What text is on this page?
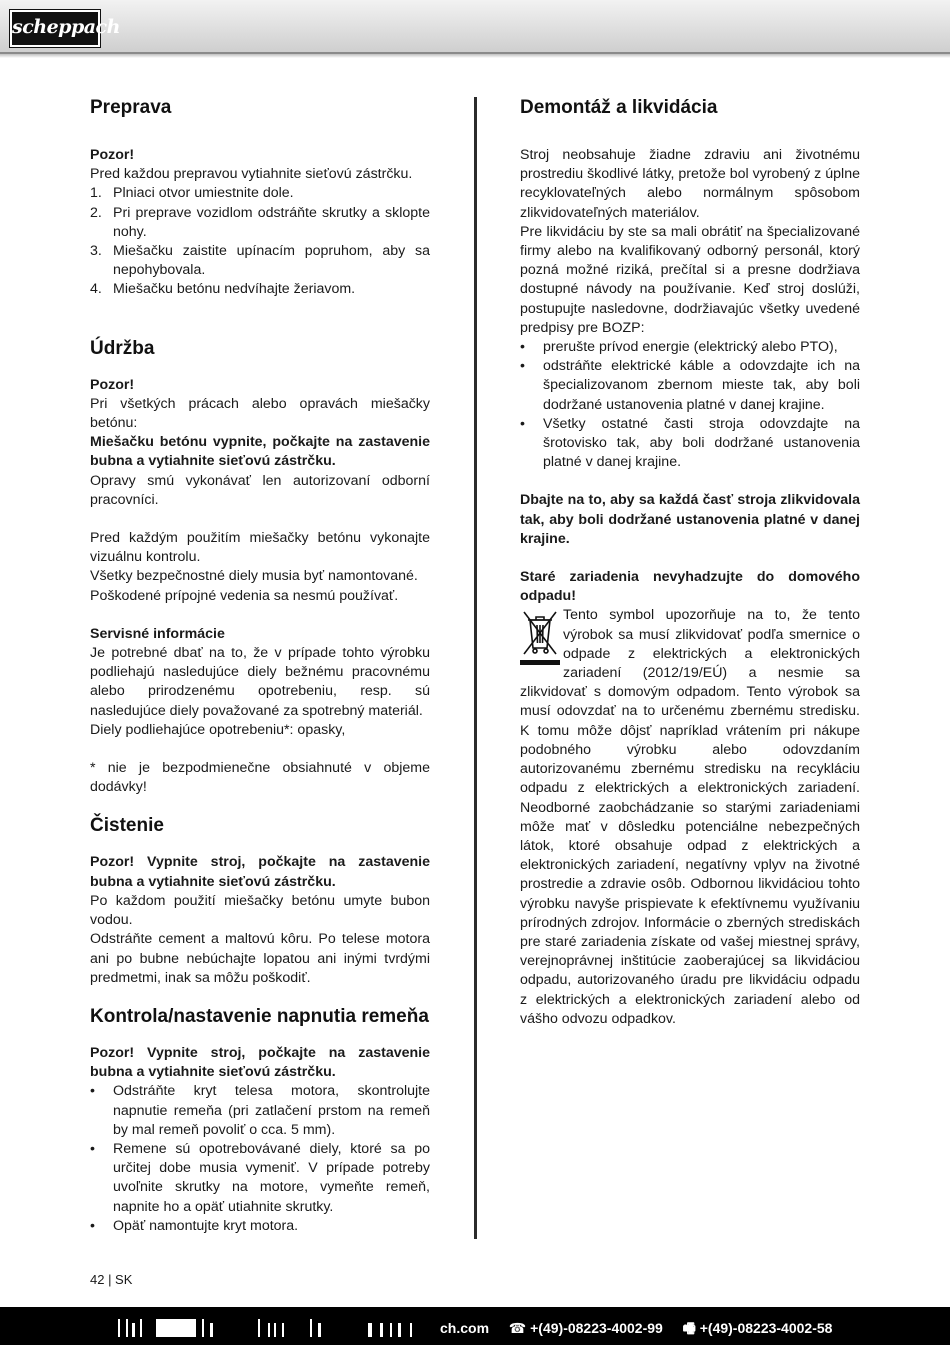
scheppach
Preprava

Pozor!

Pred každou prepravou vytiahnite sieťovú zástrčku.

1. Plniaci otvor umiestnite dole.
2. Pri preprave vozidlom odstráňte skrutky a sklopte nohy.
3. Miešačku zaistite upínacím popruhom, aby sa nepohybovala.
4. Miešačku betónu nedvíhajte žeriavom.
Údržba

Pozor!

Pri všetkých prácach alebo opravách miešačky betónu:

Miešačku betónu vypnite, počkajte na zastavenie bubna a vytiahnite sieťovú zástrčku.

Opravy smú vykonávať len autorizovaní odborní pracovníci.

Pred každým použitím miešačky betónu vykonajte vizuálnu kontrolu.

Všetky bezpečnostné diely musia byť namontované.

Poškodené prípojné vedenia sa nesmú používať.

Servisné informácie

Je potrebné dbať na to, že v prípade tohto výrobku podliehajú nasledujúce diely bežnému pracovnému alebo prirodzenému opotrebeniu, resp. sú nasledujúce diely považované za spotrebný materiál.

Diely podliehajúce opotrebeniu*: opasky,

* nie je bezpodmienečne obsiahnuté v objeme dodávky!

Čistenie

Pozor! Vypnite stroj, počkajte na zastavenie bubna a vytiahnite sieťovú zástrčku.

Po každom použití miešačky betónu umyte bubon vodou.

Odstráňte cement a maltovú kôru. Po telese motora ani po bubne nebúchajte lopatou ani inými tvrdými predmetmi, inak sa môžu poškodiť.

Kontrola/nastavenie napnutia remeňa

Pozor! Vypnite stroj, počkajte na zastavenie bubna a vytiahnite sieťovú zástrčku.

•	Odstráňte kryt telesa motora, skontrolujte napnutie remeňa (pri zatlačení prstom na remeň by mal remeň povoliť o cca. 5 mm).
•	Remene sú opotrebovávané diely, ktoré sa po určitej dobe musia vymeniť. V prípade potreby uvoľnite skrutky na motore, vymeňte remeň, napnite ho a opäť utiahnite skrutky.
•	Opäť namontujte kryt motora.
Demontáž a likvidácia

Stroj neobsahuje žiadne zdraviu ani životnému prostrediu škodlivé látky, pretože bol vyrobený z úplne recyklovateľných alebo normálnym spôsobom zlikvidovateľných materiálov.

Pre likvidáciu by ste sa mali obrátiť na špecializované firmy alebo na kvalifikovaný odborný personál, ktorý pozná možné riziká, prečítal si a presne dodržiava dostupné návody na používanie. Keď stroj doslúži, postupujte nasledovne, dodržiavajúc všetky uvedené predpisy pre BOZP:

•	prerušte prívod energie (elektrický alebo PTO),
•	odstráňte elektrické káble a odovzdajte ich na špecializovanom zbernom mieste tak, aby boli dodržané ustanovenia platné v danej krajine.
•	Všetky ostatné časti stroja odovzdajte na šrotovisko tak, aby boli dodržané ustanovenia platné v danej krajine.

Dbajte na to, aby sa každá časť stroja zlikvidovala tak, aby boli dodržané ustanovenia platné v danej krajine.

Staré zariadenia nevyhadzujte do domového odpadu!

Tento symbol upozorňuje na to, že tento výrobok sa musí zlikvidovať podľa smernice o odpade z elektrických a elektronických zariadení (2012/19/EÚ) a nesmie sa zlikvidovať s domovým odpadom. Tento výrobok sa musí odovzdať na to určenému zbernému stredisku. K tomu môže dôjsť napríklad vrátením pri nákupe podobného výrobku alebo odovzdaním autorizovanému zbernému stredisku na recykláciu odpadu z elektrických a elektronických zariadení. Neodborné zaobchádzanie so starými zariadeniami môže mať v dôsledku potenciálne nebezpečných látok, ktoré obsahuje odpad z elektrických a elektronických zariadení, negatívny vplyv na životné prostredie a zdravie osôb. Odbornou likvidáciou tohto výrobku navyše prispievate k efektívnemu využívaniu prírodných zdrojov. Informácie o zberných strediskách pre staré zariadenia získate od vašej miestnej správy, verejnoprávnej inštitúcie zaoberajúcej sa likvidáciou odpadu, autorizovaného úradu pre likvidáciu odpadu z elektrických a elektronických zariadení alebo od vášho odvozu odpadkov.

42 | SK
ch.com ☎ +(49)-08223-4002-99 🖷 +(49)-08223-4002-58
